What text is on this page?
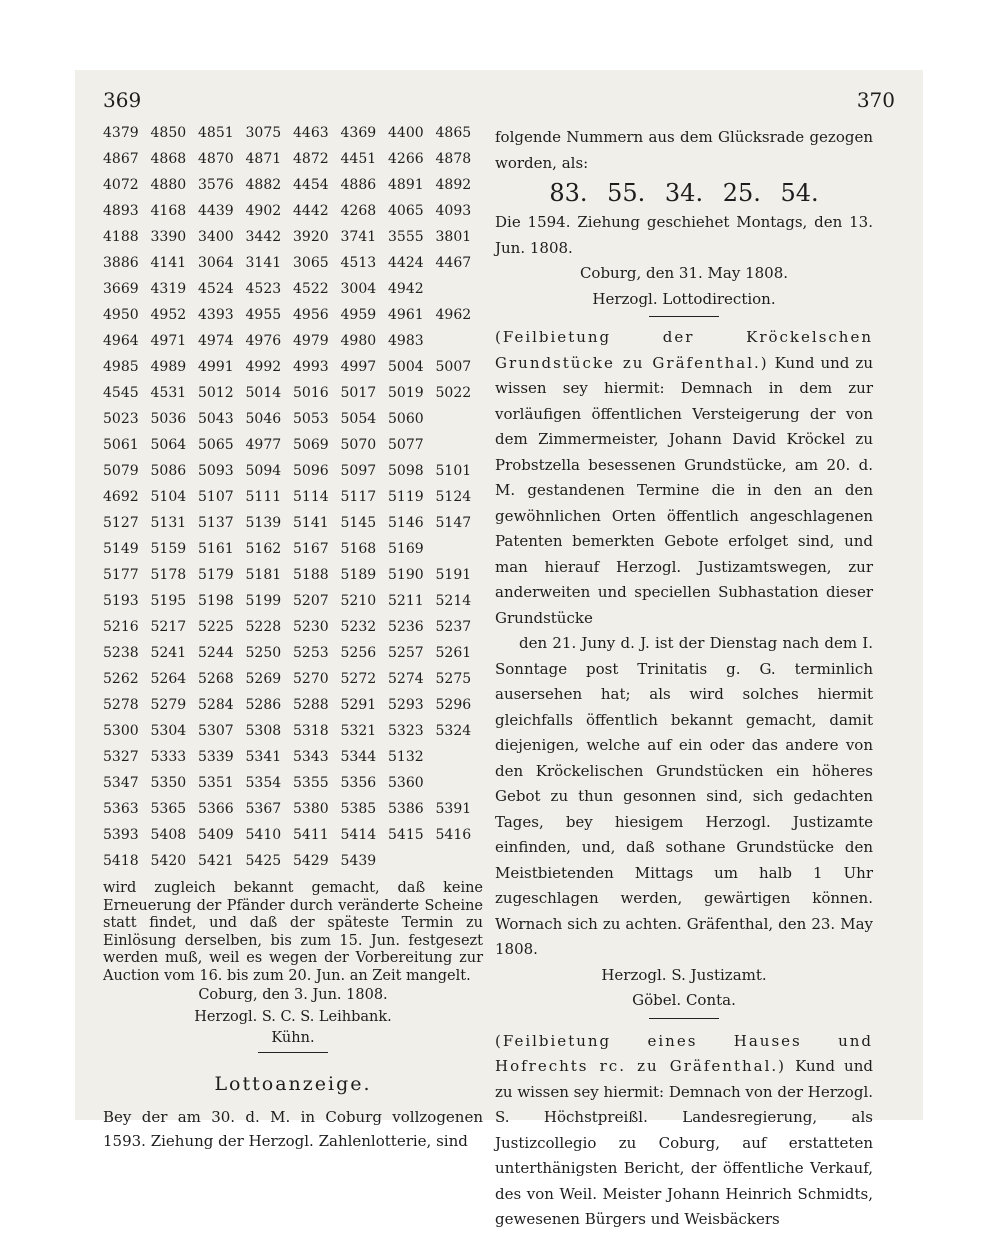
369	370
4379 4850 4851 3075 4463 4369 4400 4865
4867 4868 4870 4871 4872 4451 4266 4878
4072 4880 3576 4882 4454 4886 4891 4892
4893 4168 4439 4902 4442 4268 4065 4093
4188 3390 3400 3442 3920 3741 3555 3801
3886 4141 3064 3141 3065 4513 4424 4467
3669 4319 4524 4523 4522 3004 4942
4950 4952 4393 4955 4956 4959 4961 4962
4964 4971 4974 4976 4979 4980 4983
4985 4989 4991 4992 4993 4997 5004 5007
4545 4531 5012 5014 5016 5017 5019 5022
5023 5036 5043 5046 5053 5054 5060
5061 5064 5065 4977 5069 5070 5077
5079 5086 5093 5094 5096 5097 5098 5101
4692 5104 5107 5111 5114 5117 5119 5124
5127 5131 5137 5139 5141 5145 5146 5147
5149 5159 5161 5162 5167 5168 5169
5177 5178 5179 5181 5188 5189 5190 5191
5193 5195 5198 5199 5207 5210 5211 5214
5216 5217 5225 5228 5230 5232 5236 5237
5238 5241 5244 5250 5253 5256 5257 5261
5262 5264 5268 5269 5270 5272 5274 5275
5278 5279 5284 5286 5288 5291 5293 5296
5300 5304 5307 5308 5318 5321 5323 5324
5327 5333 5339 5341 5343 5344 5132
5347 5350 5351 5354 5355 5356 5360
5363 5365 5366 5367 5380 5385 5386 5391
5393 5408 5409 5410 5411 5414 5415 5416
5418 5420 5421 5425 5429 5439
wird zugleich bekannt gemacht, daß keine Erneuerung der Pfänder durch veränderte Scheine statt findet, und daß der späteste Termin zu Einlösung derselben, bis zum 15. Jun. festgesezt werden muß, weil es wegen der Vorbereitung zur Auction vom 16. bis zum 20. Jun. an Zeit mangelt.
Coburg, den 3. Jun. 1808.
Herzogl. S. C. S. Leihbank.
Kühn.
Lottoanzeige.
Bey der am 30. d. M. in Coburg vollzogenen 1593. Ziehung der Herzogl. Zahlenlotterie, sind
folgende Nummern aus dem Glücksrade gezogen worden, als:
83. 55. 34. 25. 54.
Die 1594. Ziehung geschiehet Montags, den 13. Jun. 1808.
Coburg, den 31. May 1808.
Herzogl. Lottodirection.
(Feilbietung der Kröckelschen Grundstücke zu Gräfenthal.) Kund und zu wissen sey hiermit: Demnach in dem zur vorläufigen öffentlichen Versteigerung der von dem Zimmermeister, Johann David Kröckel zu Probstzella besessenen Grundstücke, am 20. d. M. gestandenen Termine die in den an den gewöhnlichen Orten öffentlich angeschlagenen Patenten bemerkten Gebote erfolget sind, und man hierauf Herzogl. Justizamtswegen, zur anderweiten und speciellen Subhastation dieser Grundstücke
den 21. Juny d. J. ist der Dienstag nach dem I. Sonntage post Trinitatis g. G. terminlich ausersehen hat; als wird solches hiermit gleichfalls öffentlich bekannt gemacht, damit diejenigen, welche auf ein oder das andere von den Kröckelischen Grundstücken ein höheres Gebot zu thun gesonnen sind, sich gedachten Tages, bey hiesigem Herzogl. Justizamte einfinden, und, daß sothane Grundstücke den Meistbietenden Mittags um halb 1 Uhr zugeschlagen werden, gewärtigen können. Wornach sich zu achten. Gräfenthal, den 23. May 1808.
Herzogl. S. Justizamt.
Göbel. Conta.
(Feilbietung eines Hauses und Hofrechts rc. zu Gräfenthal.) Kund und zu wissen sey hiermit: Demnach von der Herzogl. S. Höchstpreißl. Landesregierung, als Justizcollegio zu Coburg, auf erstatteten unterthänigsten Bericht, der öffentliche Verkauf, des von Weil. Meister Johann Heinrich Schmidts, gewesenen Bürgers und Weisbäckers
